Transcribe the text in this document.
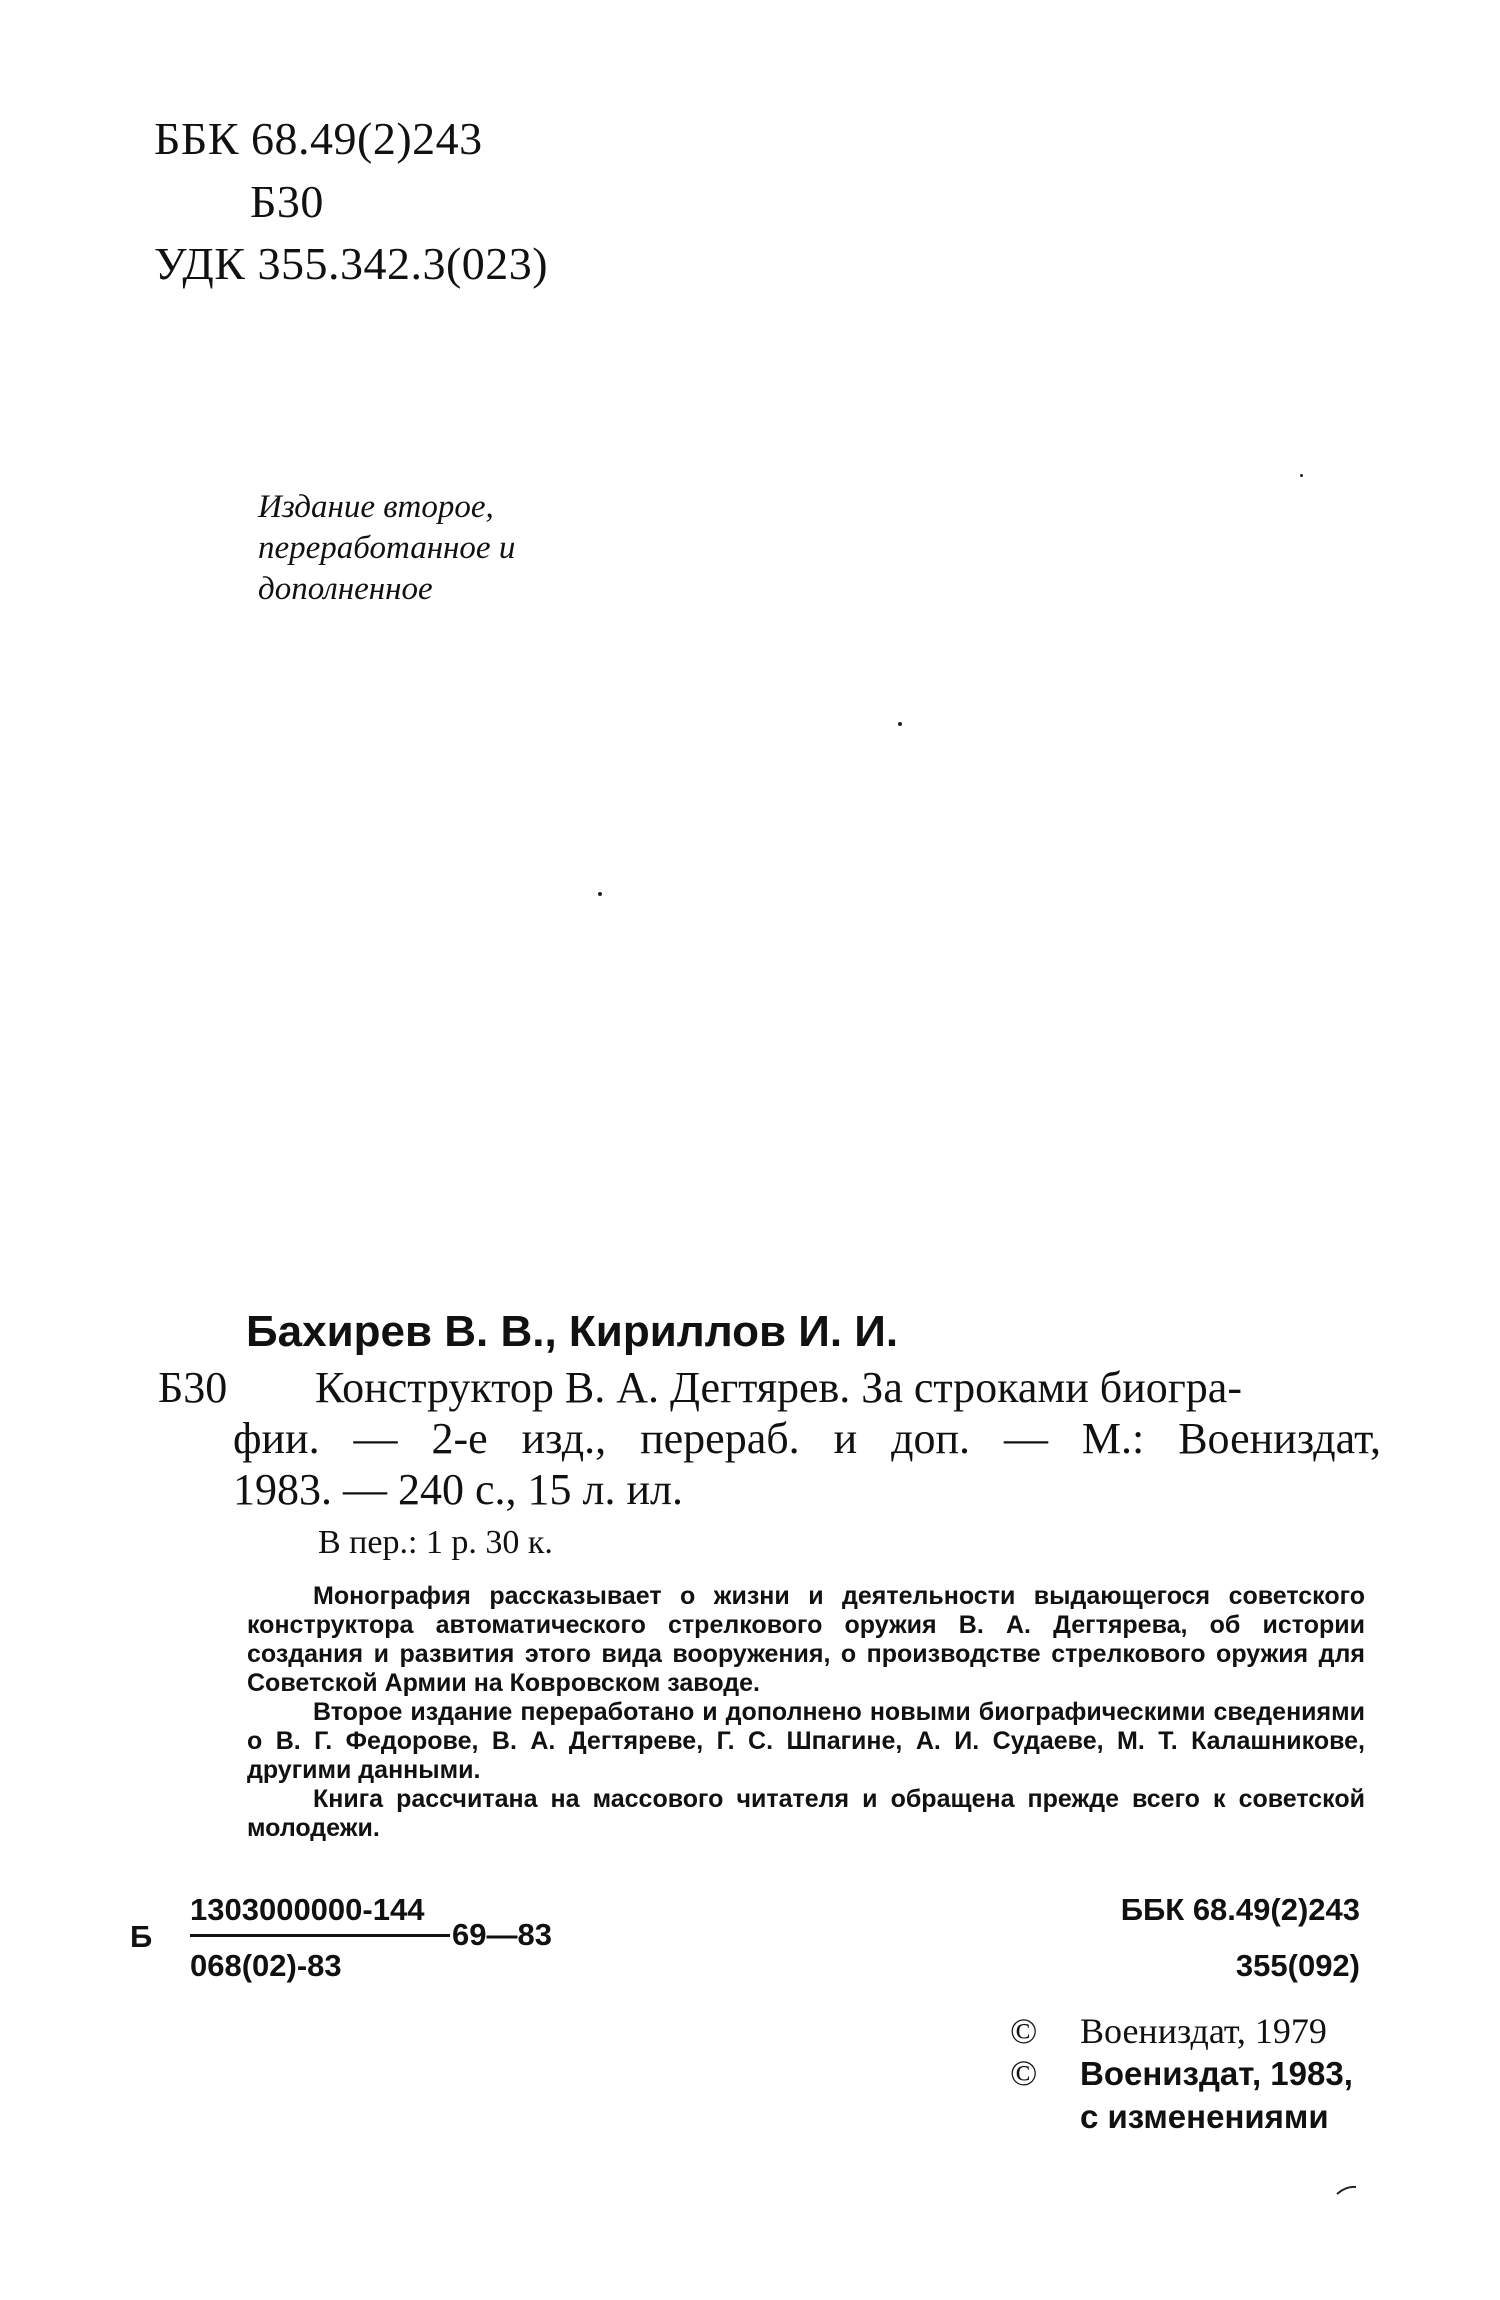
ББК 68.49(2)243
Б30
УДК 355.342.3(023)
Издание второе,
переработанное и
дополненное
Бахирев В. В., Кириллов И. И.
Б30	Конструктор В. А. Дегтярев. За строками биогра-
фии. — 2-е изд., перераб. и доп. — М.: Воениздат,
1983. — 240 с., 15 л. ил.
В пер.: 1 р. 30 к.

Монография рассказывает о жизни и деятельности выдающегося советского конструктора автоматического стрелкового оружия В. А. Дегтярева, об истории создания и развития этого вида вооружения, о производстве стрелкового оружия для Советской Армии на Ковровском заводе.

Второе издание переработано и дополнено новыми биографическими сведениями о В. Г. Федорове, В. А. Дегтяреве, Г. С. Шпагине, А. И. Судаеве, М. Т. Калашникове, другими данными.

Книга рассчитана на массового читателя и обращена прежде всего к советской молодежи.

Б
1303000000-144
068(02)-83
69—83
ББК 68.49(2)243
355(092)
© Воениздат, 1979
© Воениздат, 1983,
с изменениями
